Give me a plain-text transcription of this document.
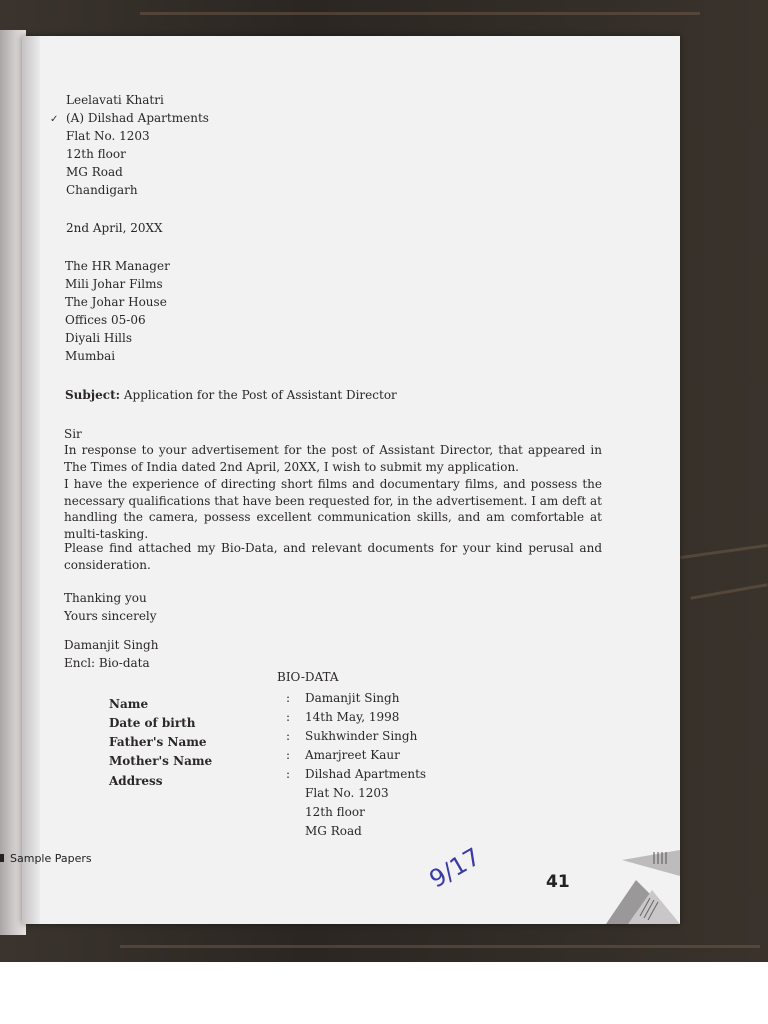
✓
Leelavati Khatri
(A) Dilshad Apartments
Flat No. 1203
12th floor
MG Road
Chandigarh
2nd April, 20XX
The HR Manager
Mili Johar Films
The Johar House
Offices 05-06
Diyali Hills
Mumbai
Subject: Application for the Post of Assistant Director
Sir

In response to your advertisement for the post of Assistant Director, that appeared in The Times of India dated 2nd April, 20XX, I wish to submit my application.

I have the experience of directing short films and documentary films, and possess the necessary qualifications that have been requested for, in the advertisement. I am deft at handling the camera, possess excellent communication skills, and am comfortable at multi-tasking.

Please find attached my Bio-Data, and relevant documents for your kind perusal and consideration.

Thanking you
Yours sincerely
Damanjit Singh
Encl: Bio-data
BIO-DATA
Name	: Damanjit Singh
Date of birth	: 14th May, 1998
Father's Name	: Sukhwinder Singh
Mother's Name	: Amarjreet Kaur
Address	: Dilshad Apartments
Flat No. 1203
12th floor
MG Road
9/17	41
Sample Papers
